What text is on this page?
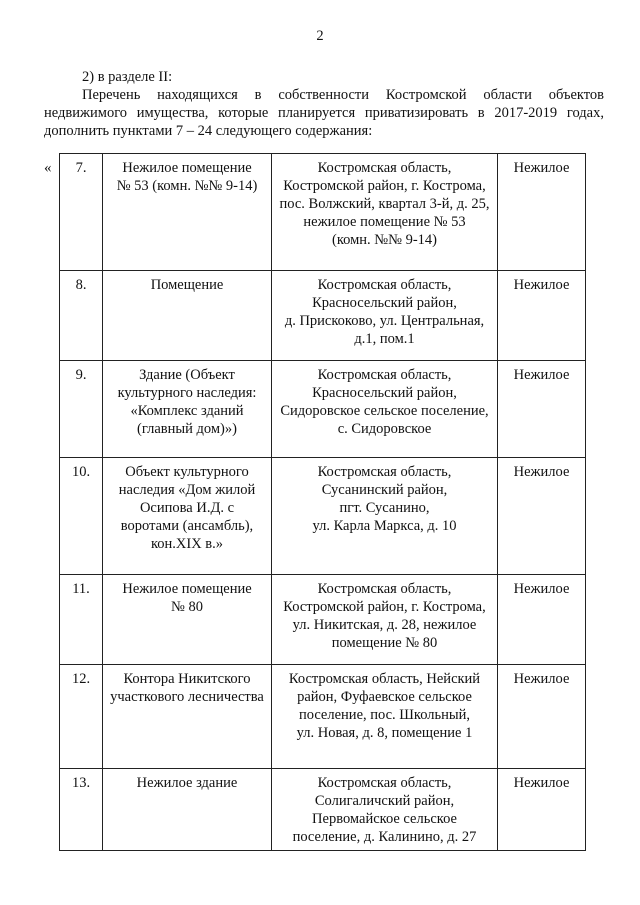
2
2) в разделе II:
Перечень находящихся в собственности Костромской области объектов недвижимого имущества, которые планируется приватизировать в 2017-2019 годах, дополнить пунктами 7 – 24 следующего содержания:
« 7.	Нежилое помещение
№ 53 (комн. №№ 9-14)	Костромская область,
Костромской район, г. Кострома,
пос. Волжский, квартал 3-й, д. 25,
нежилое помещение № 53
(комн. №№ 9-14)	Нежилое
8.	Помещение	Костромская область,
Красносельский район,
д. Прискоково, ул. Центральная,
д.1, пом.1	Нежилое
9.	Здание (Объект
культурного наследия:
«Комплекс зданий
(главный дом)»)	Костромская область,
Красносельский район,
Сидоровское сельское поселение,
с. Сидоровское	Нежилое
10.	Объект культурного
наследия «Дом жилой
Осипова И.Д. с
воротами (ансамбль),
кон.XIX в.»	Костромская область,
Сусанинский район,
пгт. Сусанино,
ул. Карла Маркса, д. 10	Нежилое
11.	Нежилое помещение
№ 80	Костромская область,
Костромской район, г. Кострома,
ул. Никитская, д. 28, нежилое
помещение № 80	Нежилое
12.	Контора Никитского
участкового лесничества	Костромская область, Нейский
район, Фуфаевское сельское
поселение, пос. Школьный,
ул. Новая, д. 8, помещение 1	Нежилое
13.	Нежилое здание	Костромская область,
Солигаличский район,
Первомайское сельское
поселение, д. Калинино, д. 27	Нежилое
